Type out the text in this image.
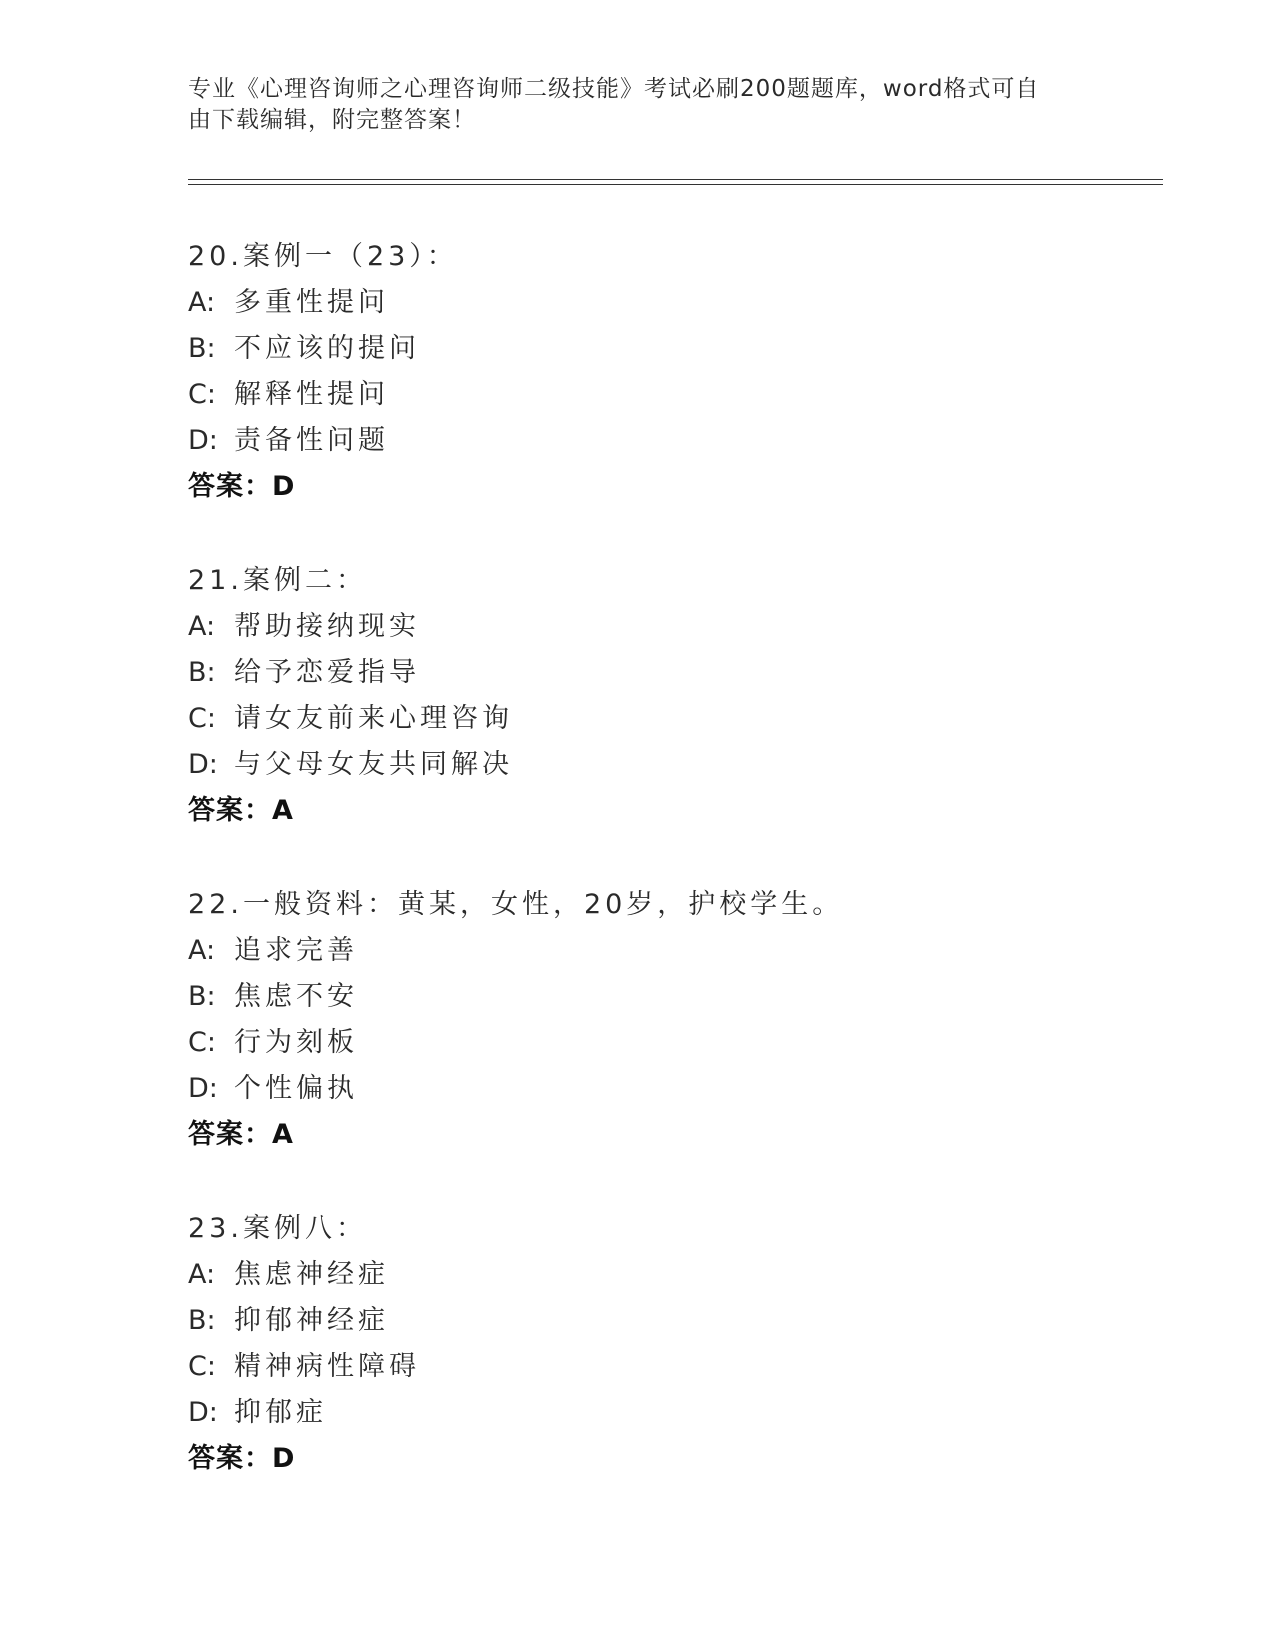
专业《心理咨询师之心理咨询师二级技能》考试必刷200题题库，word格式可自
由下载编辑，附完整答案！
20.案例一（23）：
A: 多重性提问
B: 不应该的提问
C: 解释性提问
D: 责备性问题
答案：D
21.案例二：
A: 帮助接纳现实
B: 给予恋爱指导
C: 请女友前来心理咨询
D: 与父母女友共同解决
答案：A
22.一般资料：黄某，女性，20岁，护校学生。
A: 追求完善
B: 焦虑不安
C: 行为刻板
D: 个性偏执
答案：A
23.案例八：
A: 焦虑神经症
B: 抑郁神经症
C: 精神病性障碍
D: 抑郁症
答案：D
